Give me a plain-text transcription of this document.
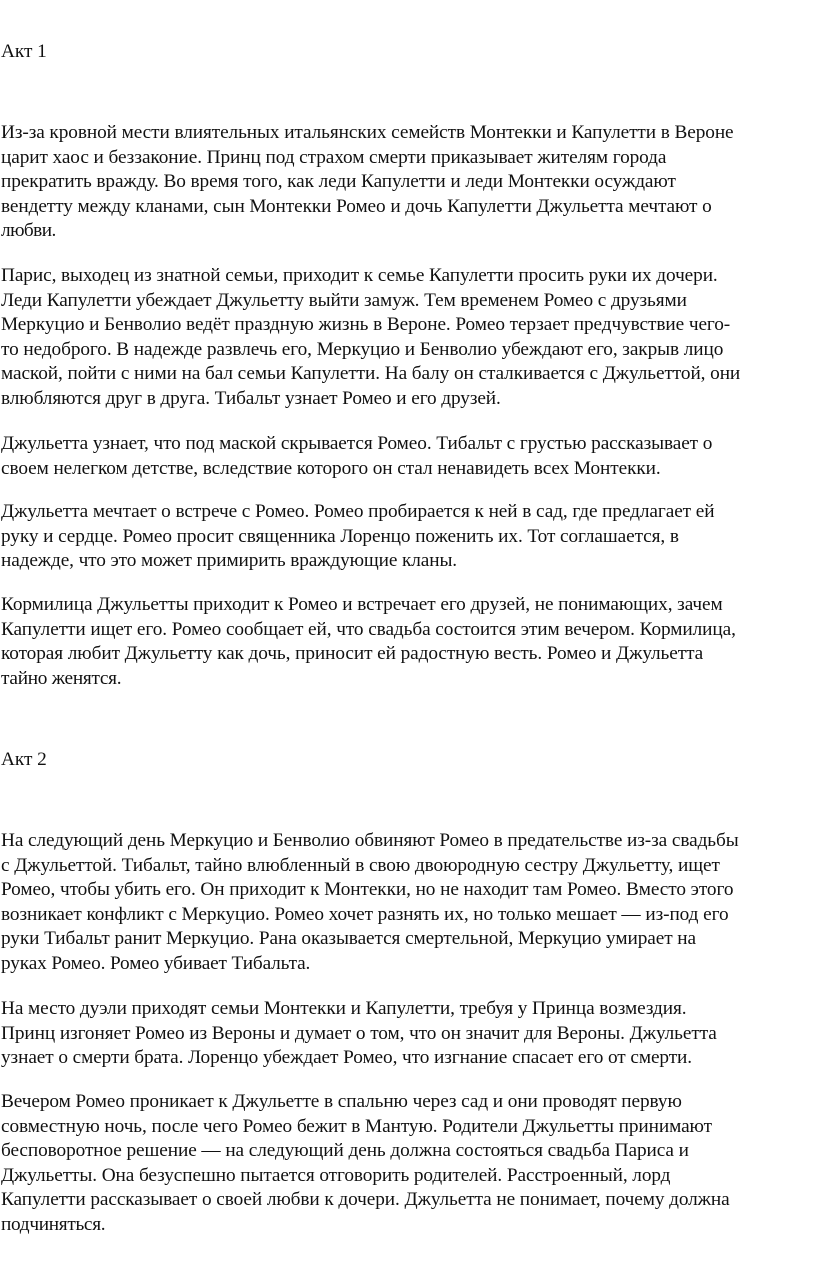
Акт 1

Из-за кровной мести влиятельных итальянских семейств Монтекки и Капулетти в Вероне
царит хаос и беззаконие. Принц под страхом смерти приказывает жителям города
прекратить вражду. Во время того, как леди Капулетти и леди Монтекки осуждают
вендетту между кланами, сын Монтекки Ромео и дочь Капулетти Джульетта мечтают о
любви.

Парис, выходец из знатной семьи, приходит к семье Капулетти просить руки их дочери.
Леди Капулетти убеждает Джульетту выйти замуж. Тем временем Ромео с друзьями
Меркуцио и Бенволио ведёт праздную жизнь в Вероне. Ромео терзает предчувствие чего-
то недоброго. В надежде развлечь его, Меркуцио и Бенволио убеждают его, закрыв лицо
маской, пойти с ними на бал семьи Капулетти. На балу он сталкивается с Джульеттой, они
влюбляются друг в друга. Тибальт узнает Ромео и его друзей.

Джульетта узнает, что под маской скрывается Ромео. Тибальт с грустью рассказывает о
своем нелегком детстве, вследствие которого он стал ненавидеть всех Монтекки.

Джульетта мечтает о встрече с Ромео. Ромео пробирается к ней в сад, где предлагает ей
руку и сердце. Ромео просит священника Лоренцо поженить их. Тот соглашается, в
надежде, что это может примирить враждующие кланы.

Кормилица Джульетты приходит к Ромео и встречает его друзей, не понимающих, зачем
Капулетти ищет его. Ромео сообщает ей, что свадьба состоится этим вечером. Кормилица,
которая любит Джульетту как дочь, приносит ей радостную весть. Ромео и Джульетта
тайно женятся.

Акт 2

На следующий день Меркуцио и Бенволио обвиняют Ромео в предательстве из-за свадьбы
с Джульеттой. Тибальт, тайно влюбленный в свою двоюродную сестру Джульетту, ищет
Ромео, чтобы убить его. Он приходит к Монтекки, но не находит там Ромео. Вместо этого
возникает конфликт с Меркуцио. Ромео хочет разнять их, но только мешает — из-под его
руки Тибальт ранит Меркуцио. Рана оказывается смертельной, Меркуцио умирает на
руках Ромео. Ромео убивает Тибальта.

На место дуэли приходят семьи Монтекки и Капулетти, требуя у Принца возмездия.
Принц изгоняет Ромео из Вероны и думает о том, что он значит для Вероны. Джульетта
узнает о смерти брата. Лоренцо убеждает Ромео, что изгнание спасает его от смерти.

Вечером Ромео проникает к Джульетте в спальню через сад и они проводят первую
совместную ночь, после чего Ромео бежит в Мантую. Родители Джульетты принимают
бесповоротное решение — на следующий день должна состояться свадьба Париса и
Джульетты. Она безуспешно пытается отговорить родителей. Расстроенный, лорд
Капулетти рассказывает о своей любви к дочери. Джульетта не понимает, почему должна
подчиняться.
